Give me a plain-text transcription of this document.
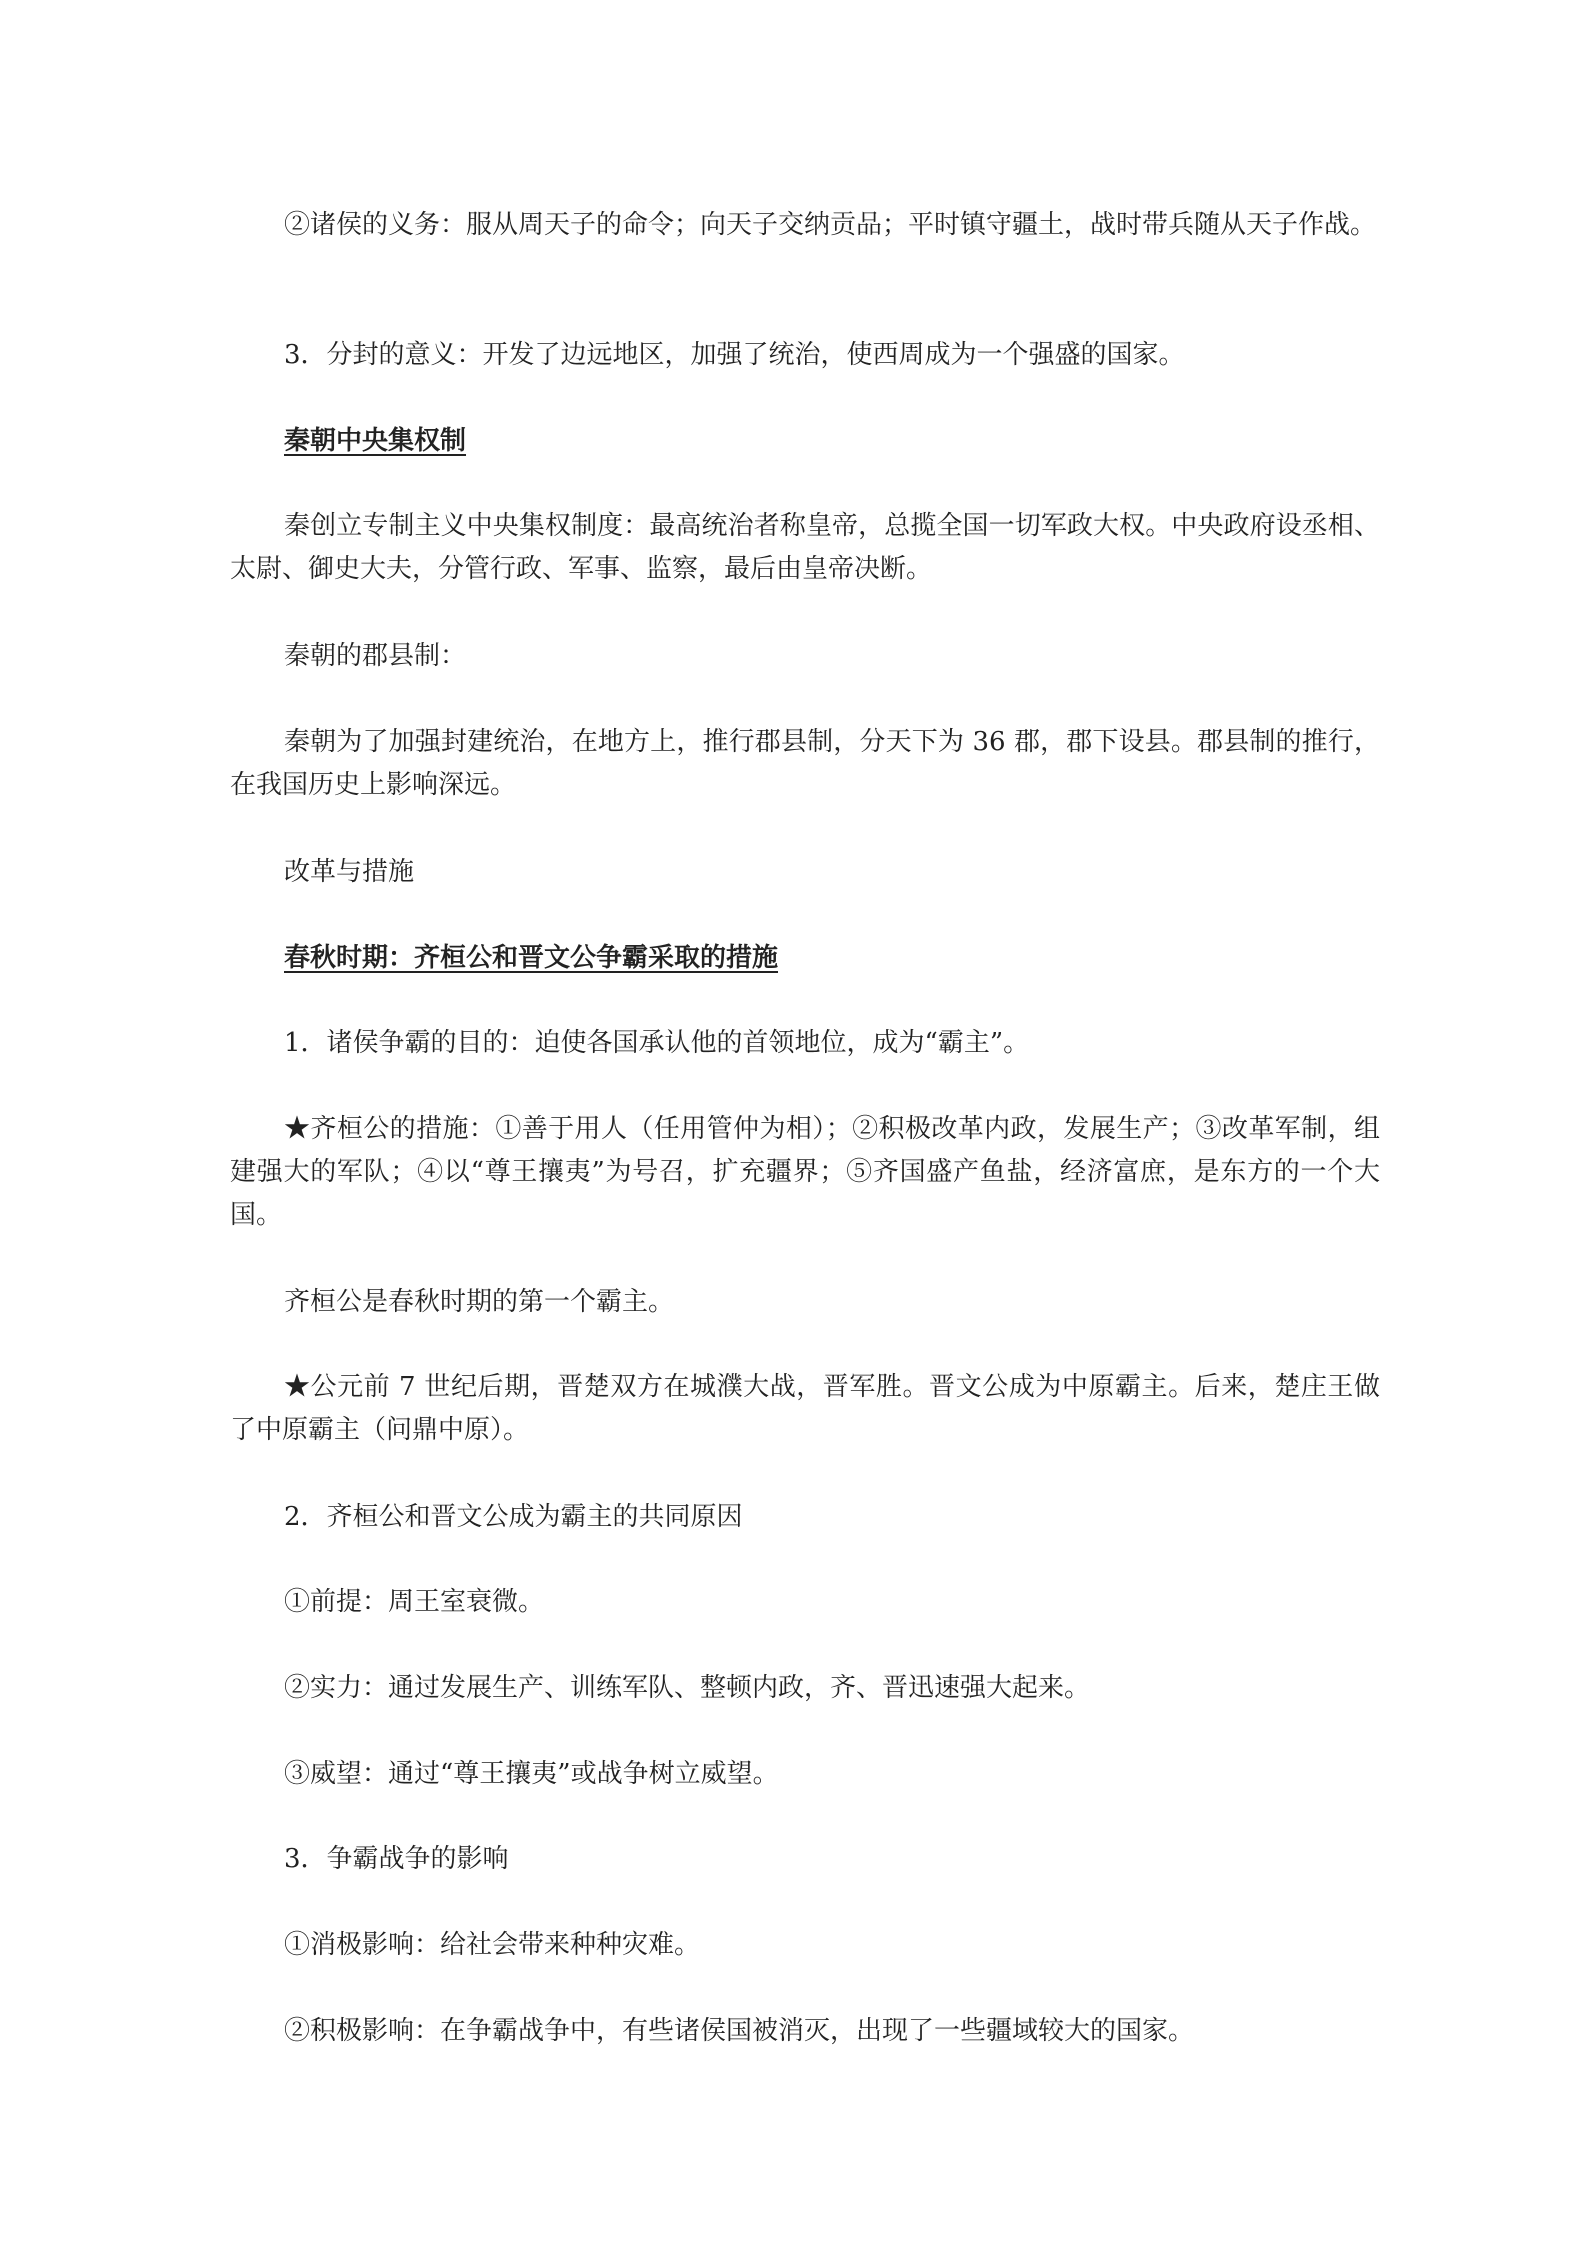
②诸侯的义务：服从周天子的命令；向天子交纳贡品；平时镇守疆土，战时带兵随从天子作战。

3．分封的意义：开发了边远地区，加强了统治，使西周成为一个强盛的国家。

秦朝中央集权制

秦创立专制主义中央集权制度：最高统治者称皇帝，总揽全国一切军政大权。中央政府设丞相、太尉、御史大夫，分管行政、军事、监察，最后由皇帝决断。

秦朝的郡县制：

秦朝为了加强封建统治，在地方上，推行郡县制，分天下为 36 郡，郡下设县。郡县制的推行，在我国历史上影响深远。

改革与措施

春秋时期：齐桓公和晋文公争霸采取的措施

1．诸侯争霸的目的：迫使各国承认他的首领地位，成为“霸主”。

★齐桓公的措施：①善于用人（任用管仲为相）；②积极改革内政，发展生产；③改革军制，组建强大的军队；④以“尊王攘夷”为号召，扩充疆界；⑤齐国盛产鱼盐，经济富庶，是东方的一个大国。

齐桓公是春秋时期的第一个霸主。

★公元前 7 世纪后期，晋楚双方在城濮大战，晋军胜。晋文公成为中原霸主。后来，楚庄王做了中原霸主（问鼎中原）。

2．齐桓公和晋文公成为霸主的共同原因

①前提：周王室衰微。

②实力：通过发展生产、训练军队、整顿内政，齐、晋迅速强大起来。

③威望：通过“尊王攘夷”或战争树立威望。

3．争霸战争的影响

①消极影响：给社会带来种种灾难。

②积极影响：在争霸战争中，有些诸侯国被消灭，出现了一些疆域较大的国家。
